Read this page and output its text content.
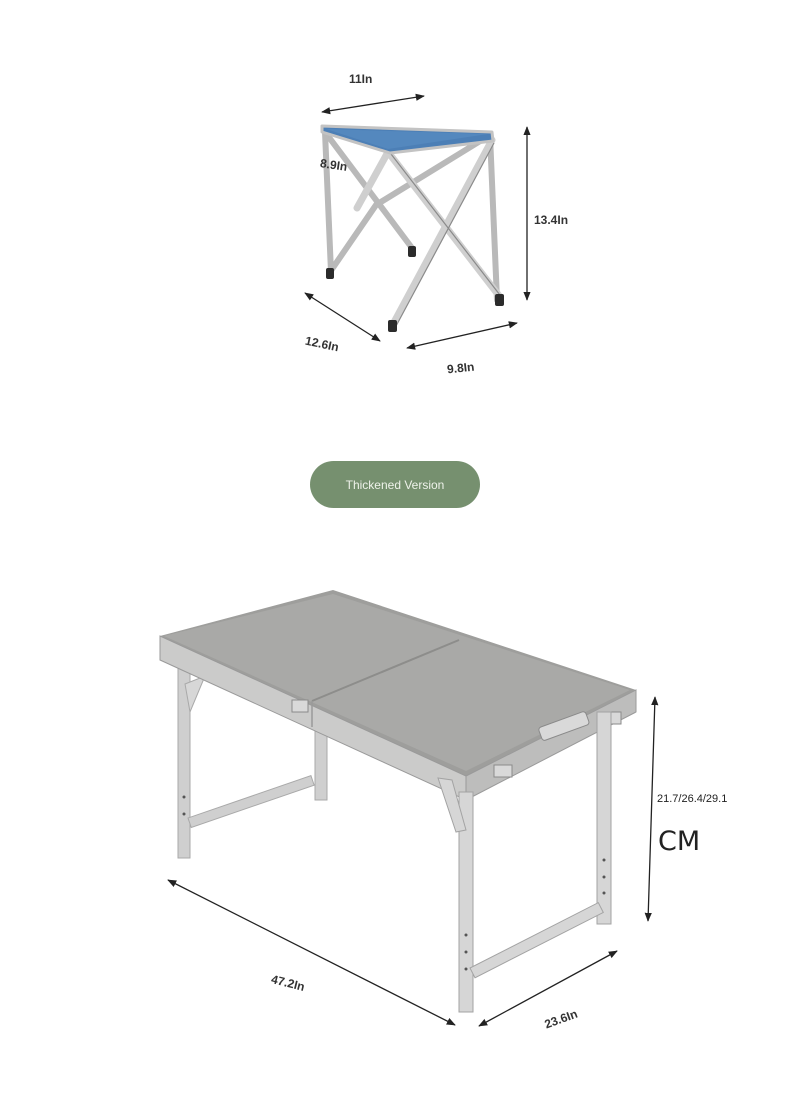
11In
8.9In
13.4In
12.6In
9.8In
Thickened Version
47.2In
23.6In
21.7/26.4/29.1
CM
